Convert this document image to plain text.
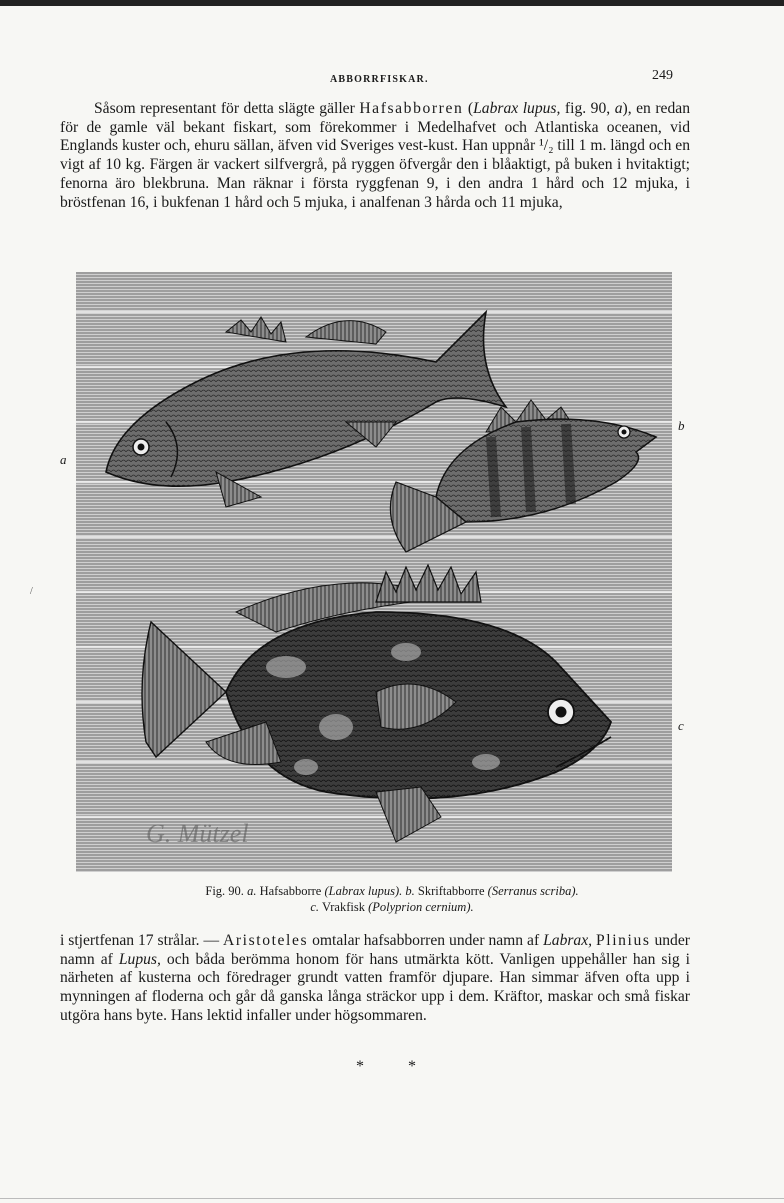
ABBORRFISKAR.	249

Såsom representant för detta slägte gäller Hafsabborren (Labrax lupus, fig. 90, a), en redan för de gamle väl bekant fiskart, som förekommer i Medelhafvet och Atlantiska oceanen, vid Englands kuster och, ehuru sällan, äfven vid Sveriges vest-kust. Han uppnår ¹/₂ till 1 m. längd och en vigt af 10 kg. Färgen är vackert silfvergrå, på ryggen öfvergår den i blåaktigt, på buken i hvitaktigt; fenorna äro blekbruna. Man räknar i första ryggfenan 9, i den andra 1 hård och 12 mjuka, i bröstfenan 16, i bukfenan 1 hård och 5 mjuka, i analfenan 3 hårda och 11 mjuka,

/
G. Mützel
a
b
c
Fig. 90. a. Hafsabborre (Labrax lupus). b. Skriftabborre (Serranus scriba).
c. Vrakfisk (Polyprion cernium).

i stjertfenan 17 strålar. — Aristoteles omtalar hafsabborren under namn af Labrax, Plinius under namn af Lupus, och båda berömma honom för hans utmärkta kött. Vanligen uppehåller han sig i närheten af kusterna och föredrager grundt vatten framför djupare. Han simmar äfven ofta upp i mynningen af floderna och går då ganska långa sträckor upp i dem. Kräftor, maskar och små fiskar utgöra hans byte. Hans lektid infaller under högsommaren.

* *
